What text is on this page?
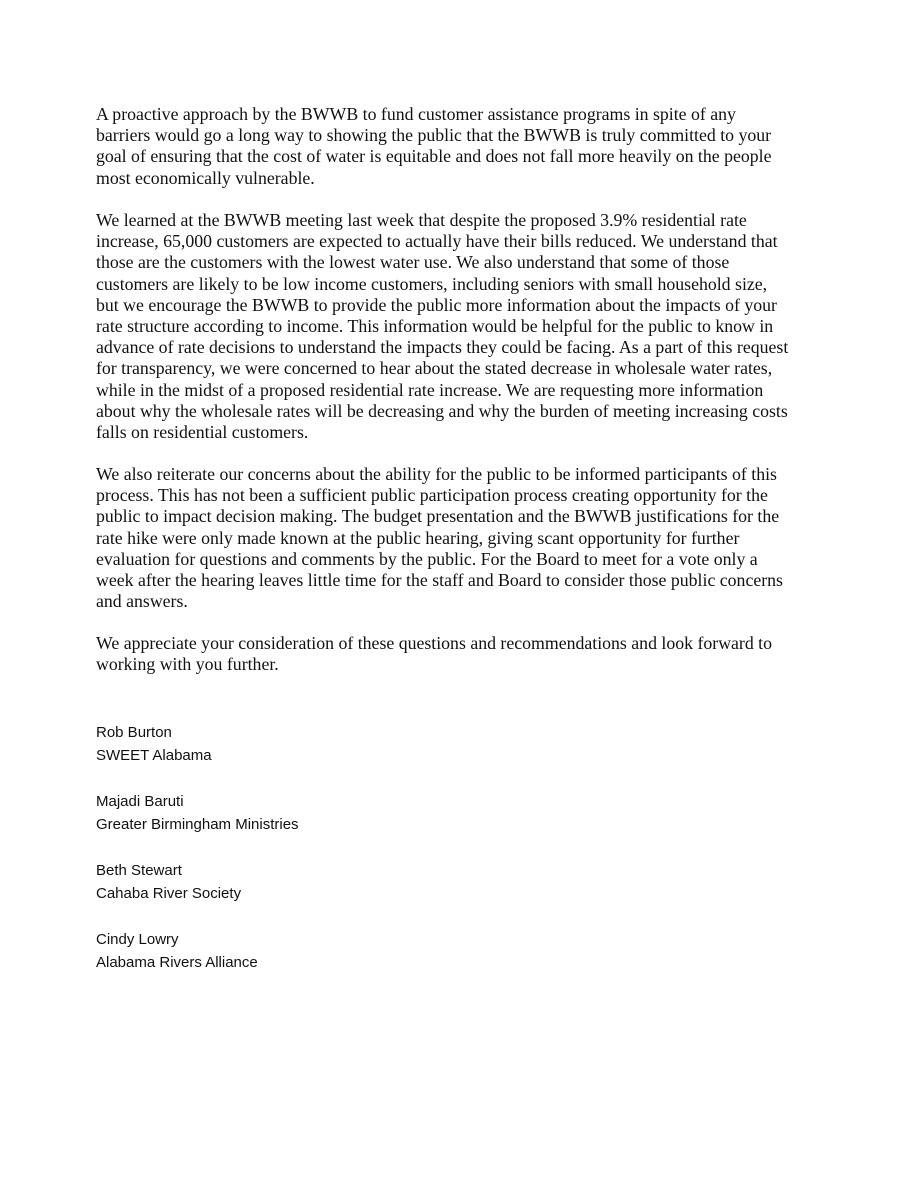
A proactive approach by the BWWB to fund customer assistance programs in spite of any
barriers would go a long way to showing the public that the BWWB is truly committed to your
goal of ensuring that the cost of water is equitable and does not fall more heavily on the people
most economically vulnerable.

We learned at the BWWB meeting last week that despite the proposed 3.9% residential rate
increase, 65,000 customers are expected to actually have their bills reduced. We understand that
those are the customers with the lowest water use. We also understand that some of those
customers are likely to be low income customers, including seniors with small household size,
but we encourage the BWWB to provide the public more information about the impacts of your
rate structure according to income. This information would be helpful for the public to know in
advance of rate decisions to understand the impacts they could be facing. As a part of this request
for transparency, we were concerned to hear about the stated decrease in wholesale water rates,
while in the midst of a proposed residential rate increase. We are requesting more information
about why the wholesale rates will be decreasing and why the burden of meeting increasing costs
falls on residential customers.

We also reiterate our concerns about the ability for the public to be informed participants of this
process. This has not been a sufficient public participation process creating opportunity for the
public to impact decision making. The budget presentation and the BWWB justifications for the
rate hike were only made known at the public hearing, giving scant opportunity for further
evaluation for questions and comments by the public. For the Board to meet for a vote only a
week after the hearing leaves little time for the staff and Board to consider those public concerns
and answers.

We appreciate your consideration of these questions and recommendations and look forward to
working with you further.

Rob Burton
SWEET Alabama
Majadi Baruti
Greater Birmingham Ministries
Beth Stewart
Cahaba River Society
Cindy Lowry
Alabama Rivers Alliance
